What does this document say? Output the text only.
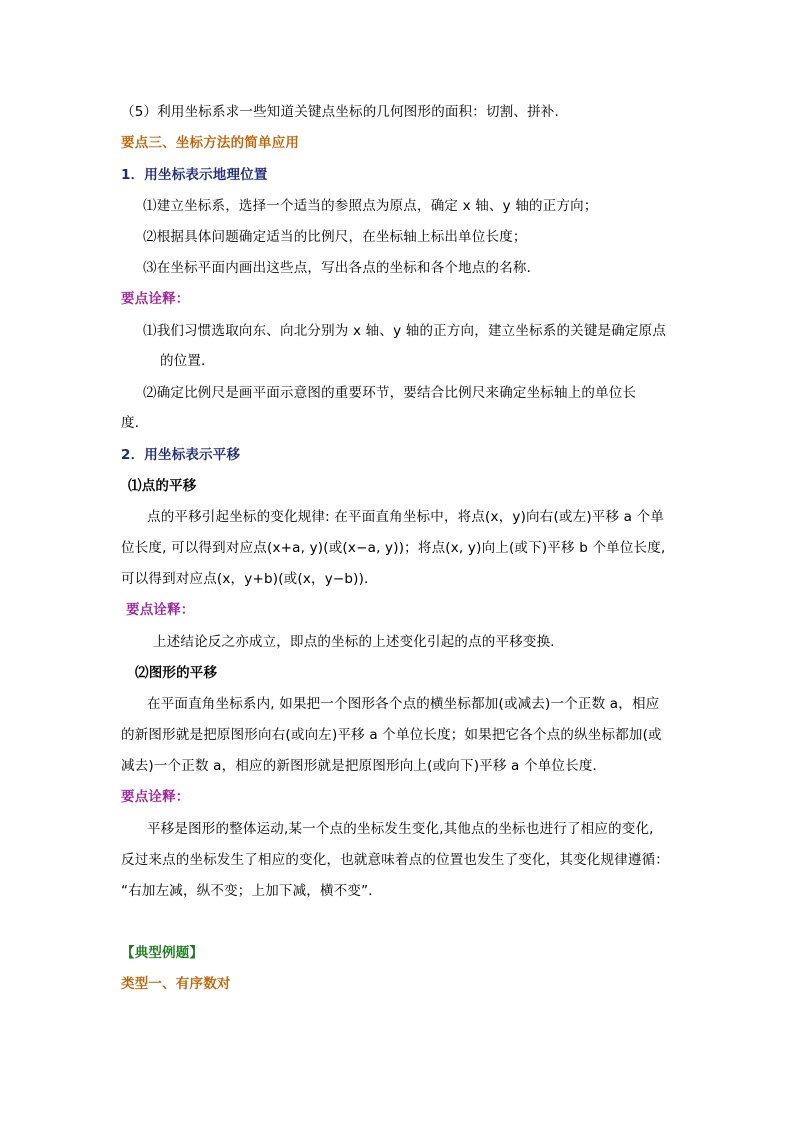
（5）利用坐标系求一些知道关键点坐标的几何图形的面积：切割、拼补.
要点三、坐标方法的简单应用
1．用坐标表示地理位置
⑴建立坐标系，选择一个适当的参照点为原点，确定 x 轴、y 轴的正方向；
⑵根据具体问题确定适当的比例尺，在坐标轴上标出单位长度；
⑶在坐标平面内画出这些点，写出各点的坐标和各个地点的名称．
要点诠释：
⑴我们习惯选取向东、向北分别为 x 轴、y 轴的正方向，建立坐标系的关键是确定原点
的位置．
⑵确定比例尺是画平面示意图的重要环节，要结合比例尺来确定坐标轴上的单位长
度．
2．用坐标表示平移
⑴点的平移
点的平移引起坐标的变化规律: 在平面直角坐标中，将点(x，y)向右(或左)平移 a 个单
位长度, 可以得到对应点(x+a, y)(或(x−a, y))；将点(x, y)向上(或下)平移 b 个单位长度,
可以得到对应点(x，y+b)(或(x，y−b))．
要点诠释：
上述结论反之亦成立，即点的坐标的上述变化引起的点的平移变换．
⑵图形的平移
在平面直角坐标系内, 如果把一个图形各个点的横坐标都加(或减去)一个正数 a，相应
的新图形就是把原图形向右(或向左)平移 a 个单位长度；如果把它各个点的纵坐标都加(或
减去)一个正数 a，相应的新图形就是把原图形向上(或向下)平移 a 个单位长度．
要点诠释：
平移是图形的整体运动,某一个点的坐标发生变化,其他点的坐标也进行了相应的变化,
反过来点的坐标发生了相应的变化，也就意味着点的位置也发生了变化，其变化规律遵循：
“右加左减，纵不变；上加下减，横不变”．
【典型例题】
类型一、有序数对
